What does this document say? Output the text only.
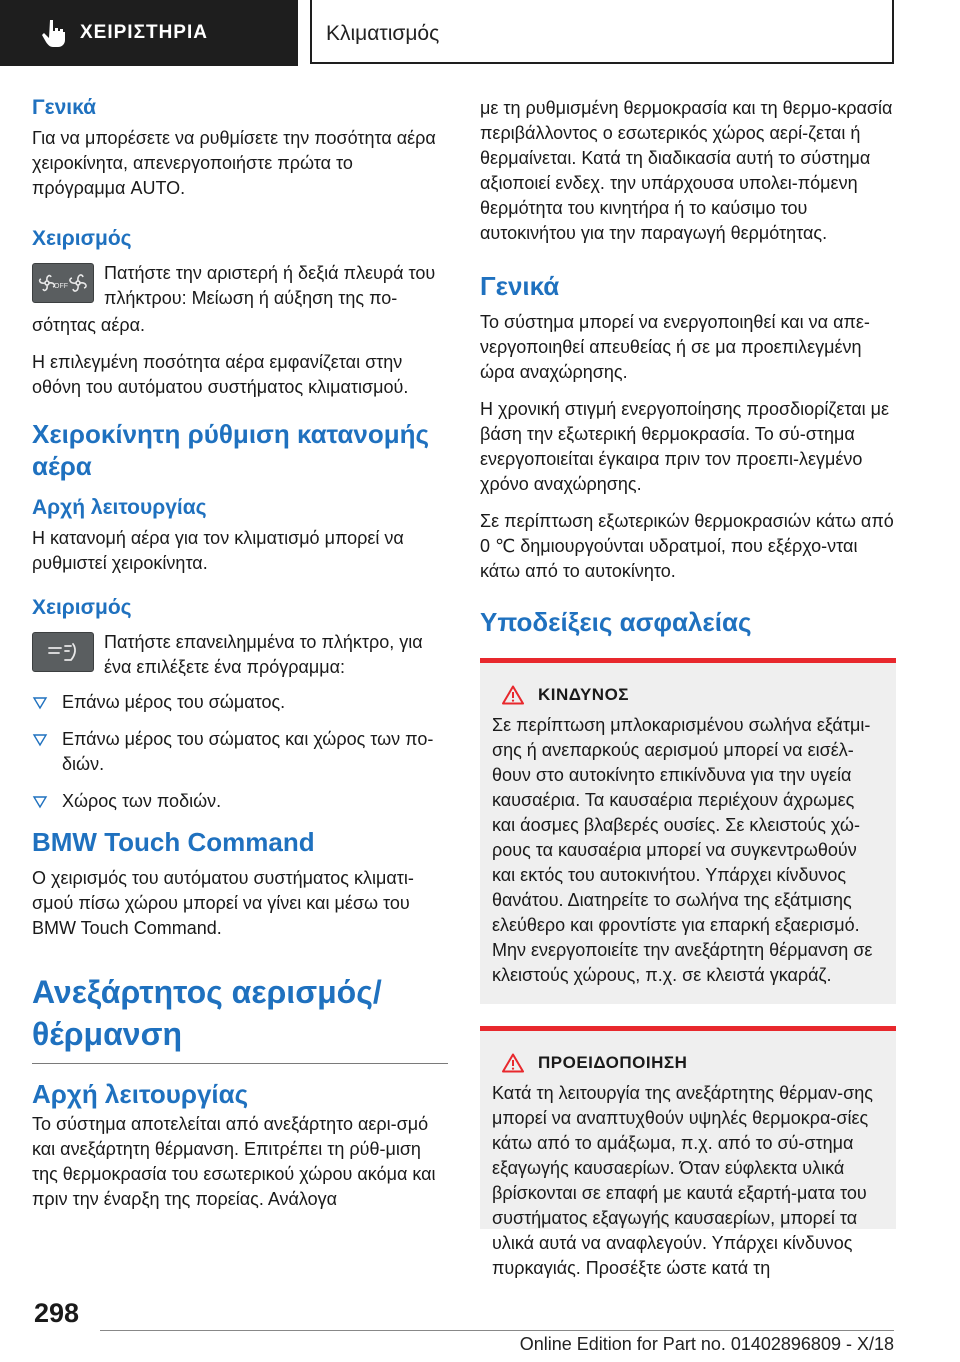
ΧΕΙΡΙΣΤΗΡΙΑ	Κλιματισμός
Γενικά

Για να μπορέσετε να ρυθμίσετε την ποσότητα αέρα χειροκίνητα, απενεργοποιήστε πρώτα το πρόγραμμα AUTO.

Χειρισμός
OFF
Πατήστε την αριστερή ή δεξιά πλευρά του πλήκτρου: Μείωση ή αύξηση της πο-

σότητας αέρα.

Η επιλεγμένη ποσότητα αέρα εμφανίζεται στην οθόνη του αυτόματου συστήματος κλιματισμού.

Χειροκίνητη ρύθμιση κατανομής αέρα
Αρχή λειτουργίας

Η κατανομή αέρα για τον κλιματισμό μπορεί να ρυθμιστεί χειροκίνητα.

Χειρισμός
Πατήστε επανειλημμένα το πλήκτρο, για ένα επιλέξετε ένα πρόγραμμα:
Επάνω μέρος του σώματος.
Επάνω μέρος του σώματος και χώρος των πο-διών.
Χώρος των ποδιών.
BMW Touch Command

Ο χειρισμός του αυτόματου συστήματος κλιματι-σμού πίσω χώρου μπορεί να γίνει και μέσω του BMW Touch Command.

Ανεξάρτητος αερισμός/ θέρμανση
Αρχή λειτουργίας

Το σύστημα αποτελείται από ανεξάρτητο αερι-σμό και ανεξάρτητη θέρμανση. Επιτρέπει τη ρύθ-μιση της θερμοκρασία του εσωτερικού χώρου ακόμα και πριν την έναρξη της πορείας. Ανάλογα

με τη ρυθμισμένη θερμοκρασία και τη θερμο-κρασία περιβάλλοντος ο εσωτερικός χώρος αερί-ζεται ή θερμαίνεται. Κατά τη διαδικασία αυτή το σύστημα αξιοποιεί ενδεχ. την υπάρχουσα υπολει-πόμενη θερμότητα του κινητήρα ή το καύσιμο του αυτοκινήτου για την παραγωγή θερμότητας.

Γενικά

Το σύστημα μπορεί να ενεργοποιηθεί και να απε-νεργοποιηθεί απευθείας ή σε μα προεπιλεγμένη ώρα αναχώρησης.

Η χρονική στιγμή ενεργοποίησης προσδιορίζεται με βάση την εξωτερική θερμοκρασία. Το σύ-στημα ενεργοποιείται έγκαιρα πριν τον προεπι-λεγμένο χρόνο αναχώρησης.

Σε περίπτωση εξωτερικών θερμοκρασιών κάτω από 0 ℃ δημιουργούνται υδρατμοί, που εξέρχο-νται κάτω από το αυτοκίνητο.

Υποδείξεις ασφαλείας
ΚΙΝΔΥΝΟΣ
Σε περίπτωση μπλοκαρισμένου σωλήνα εξάτμι-σης ή ανεπαρκούς αερισμού μπορεί να εισέλ-θουν στο αυτοκίνητο επικίνδυνα για την υγεία καυσαέρια. Τα καυσαέρια περιέχουν άχρωμες και άοσμες βλαβερές ουσίες. Σε κλειστούς χώ-ρους τα καυσαέρια μπορεί να συγκεντρωθούν και εκτός του αυτοκινήτου. Υπάρχει κίνδυνος θανάτου. Διατηρείτε το σωλήνα της εξάτμισης ελεύθερο και φροντίστε για επαρκή εξαερισμό. Μην ενεργοποιείτε την ανεξάρτητη θέρμανση σε κλειστούς χώρους, π.χ. σε κλειστά γκαράζ.
ΠΡΟΕΙΔΟΠΟΙΗΣΗ
Κατά τη λειτουργία της ανεξάρτητης θέρμαν-σης μπορεί να αναπτυχθούν υψηλές θερμοκρα-σίες κάτω από το αμάξωμα, π.χ. από το σύ-στημα εξαγωγής καυσαερίων. Όταν εύφλεκτα υλικά βρίσκονται σε επαφή με καυτά εξαρτή-ματα του συστήματος εξαγωγής καυσαερίων, μπορεί τα υλικά αυτά να αναφλεγούν. Υπάρχει κίνδυνος πυρκαγιάς. Προσέξτε ώστε κατά τη
298
Online Edition for Part no. 01402896809 - X/18
